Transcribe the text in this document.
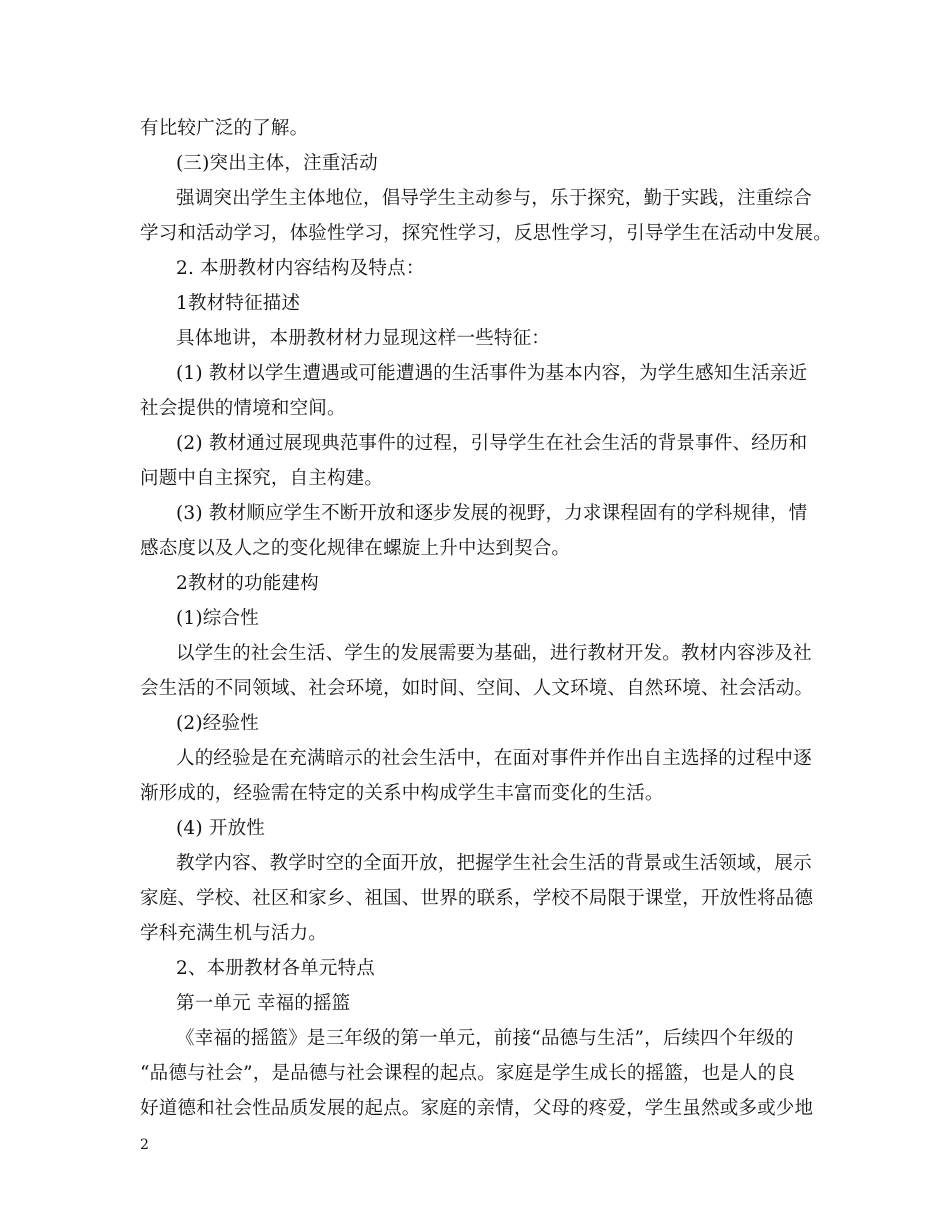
有比较广泛的了解。
(三)突出主体，注重活动
强调突出学生主体地位，倡导学生主动参与，乐于探究，勤于实践，注重综合
学习和活动学习，体验性学习，探究性学习，反思性学习，引导学生在活动中发展。
2. 本册教材内容结构及特点：
1教材特征描述
具体地讲，本册教材材力显现这样一些特征：
(1) 教材以学生遭遇或可能遭遇的生活事件为基本内容，为学生感知生活亲近
社会提供的情境和空间。
(2) 教材通过展现典范事件的过程，引导学生在社会生活的背景事件、经历和
问题中自主探究，自主构建。
(3) 教材顺应学生不断开放和逐步发展的视野，力求课程固有的学科规律，情
感态度以及人之的变化规律在螺旋上升中达到契合。
2教材的功能建构
(1)综合性
以学生的社会生活、学生的发展需要为基础，进行教材开发。教材内容涉及社
会生活的不同领域、社会环境，如时间、空间、人文环境、自然环境、社会活动。
(2)经验性
人的经验是在充满暗示的社会生活中，在面对事件并作出自主选择的过程中逐
渐形成的，经验需在特定的关系中构成学生丰富而变化的生活。
(4) 开放性
教学内容、教学时空的全面开放，把握学生社会生活的背景或生活领域，展示
家庭、学校、社区和家乡、祖国、世界的联系，学校不局限于课堂，开放性将品德
学科充满生机与活力。
2、本册教材各单元特点
第一单元 幸福的摇篮
《幸福的摇篮》是三年级的第一单元，前接“品德与生活”，后续四个年级的
“品德与社会”，是品德与社会课程的起点。家庭是学生成长的摇篮，也是人的良
好道德和社会性品质发展的起点。家庭的亲情，父母的疼爱，学生虽然或多或少地
2
